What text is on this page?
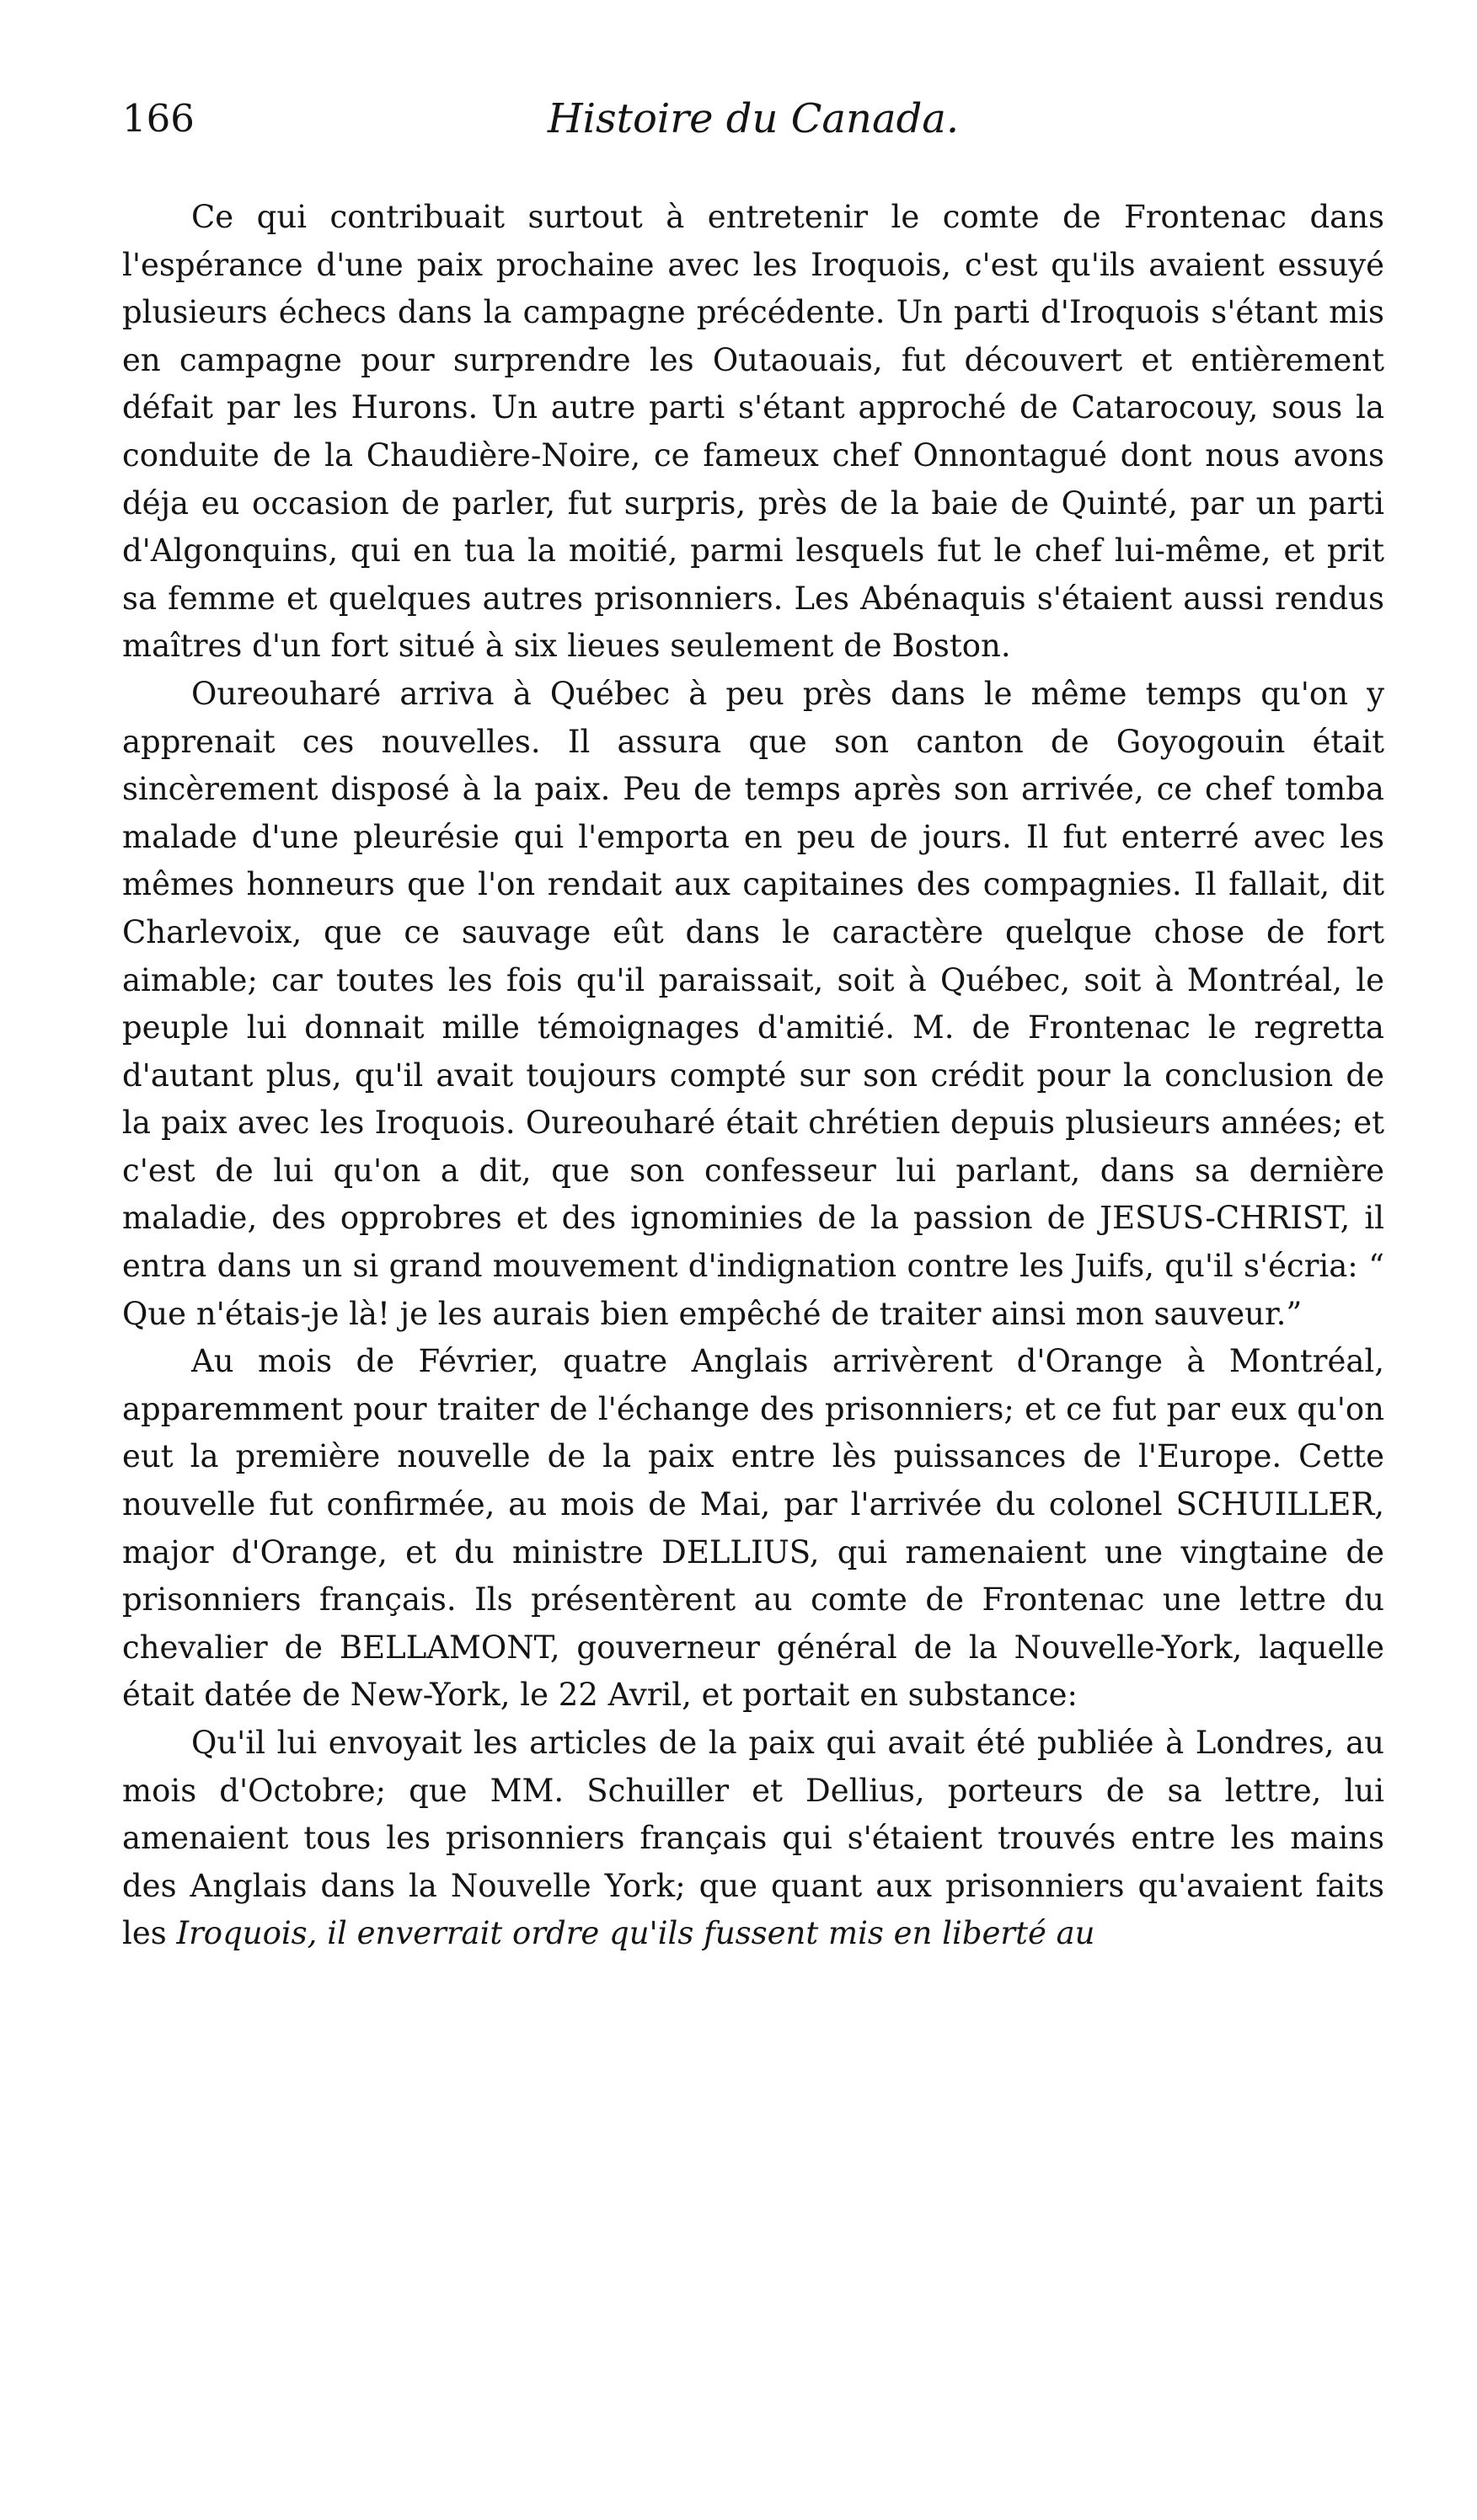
166	Histoire du Canada.

Ce qui contribuait surtout à entretenir le comte de Frontenac dans l'espérance d'une paix prochaine avec les Iroquois, c'est qu'ils avaient essuyé plusieurs échecs dans la campagne précédente. Un parti d'Iroquois s'étant mis en campagne pour surprendre les Outaouais, fut découvert et entièrement défait par les Hurons. Un autre parti s'étant approché de Catarocouy, sous la conduite de la Chaudière-Noire, ce fameux chef Onnontagué dont nous avons déja eu occasion de parler, fut surpris, près de la baie de Quinté, par un parti d'Algonquins, qui en tua la moitié, parmi lesquels fut le chef lui-même, et prit sa femme et quelques autres prisonniers. Les Abénaquis s'étaient aussi rendus maîtres d'un fort situé à six lieues seulement de Boston.

Oureouharé arriva à Québec à peu près dans le même temps qu'on y apprenait ces nouvelles. Il assura que son canton de Goyogouin était sincèrement disposé à la paix. Peu de temps après son arrivée, ce chef tomba malade d'une pleurésie qui l'emporta en peu de jours. Il fut enterré avec les mêmes honneurs que l'on rendait aux capitaines des compagnies. Il fallait, dit Charlevoix, que ce sauvage eût dans le caractère quelque chose de fort aimable; car toutes les fois qu'il paraissait, soit à Québec, soit à Montréal, le peuple lui donnait mille témoignages d'amitié. M. de Frontenac le regretta d'autant plus, qu'il avait toujours compté sur son crédit pour la conclusion de la paix avec les Iroquois. Oureouharé était chrétien depuis plusieurs années; et c'est de lui qu'on a dit, que son confesseur lui parlant, dans sa dernière maladie, des opprobres et des ignominies de la passion de JESUS-CHRIST, il entra dans un si grand mouvement d'indignation contre les Juifs, qu'il s'écria: “ Que n'étais-je là! je les aurais bien empêché de traiter ainsi mon sauveur.”

Au mois de Février, quatre Anglais arrivèrent d'Orange à Montréal, apparemment pour traiter de l'échange des prisonniers; et ce fut par eux qu'on eut la première nouvelle de la paix entre lès puissances de l'Europe. Cette nouvelle fut confirmée, au mois de Mai, par l'arrivée du colonel SCHUILLER, major d'Orange, et du ministre DELLIUS, qui ramenaient une vingtaine de prisonniers français. Ils présentèrent au comte de Frontenac une lettre du chevalier de BELLAMONT, gouverneur général de la Nouvelle-York, laquelle était datée de New-York, le 22 Avril, et portait en substance:

Qu'il lui envoyait les articles de la paix qui avait été publiée à Londres, au mois d'Octobre; que MM. Schuiller et Dellius, porteurs de sa lettre, lui amenaient tous les prisonniers français qui s'étaient trouvés entre les mains des Anglais dans la Nouvelle York; que quant aux prisonniers qu'avaient faits les Iroquois, il enverrait ordre qu'ils fussent mis en liberté au
